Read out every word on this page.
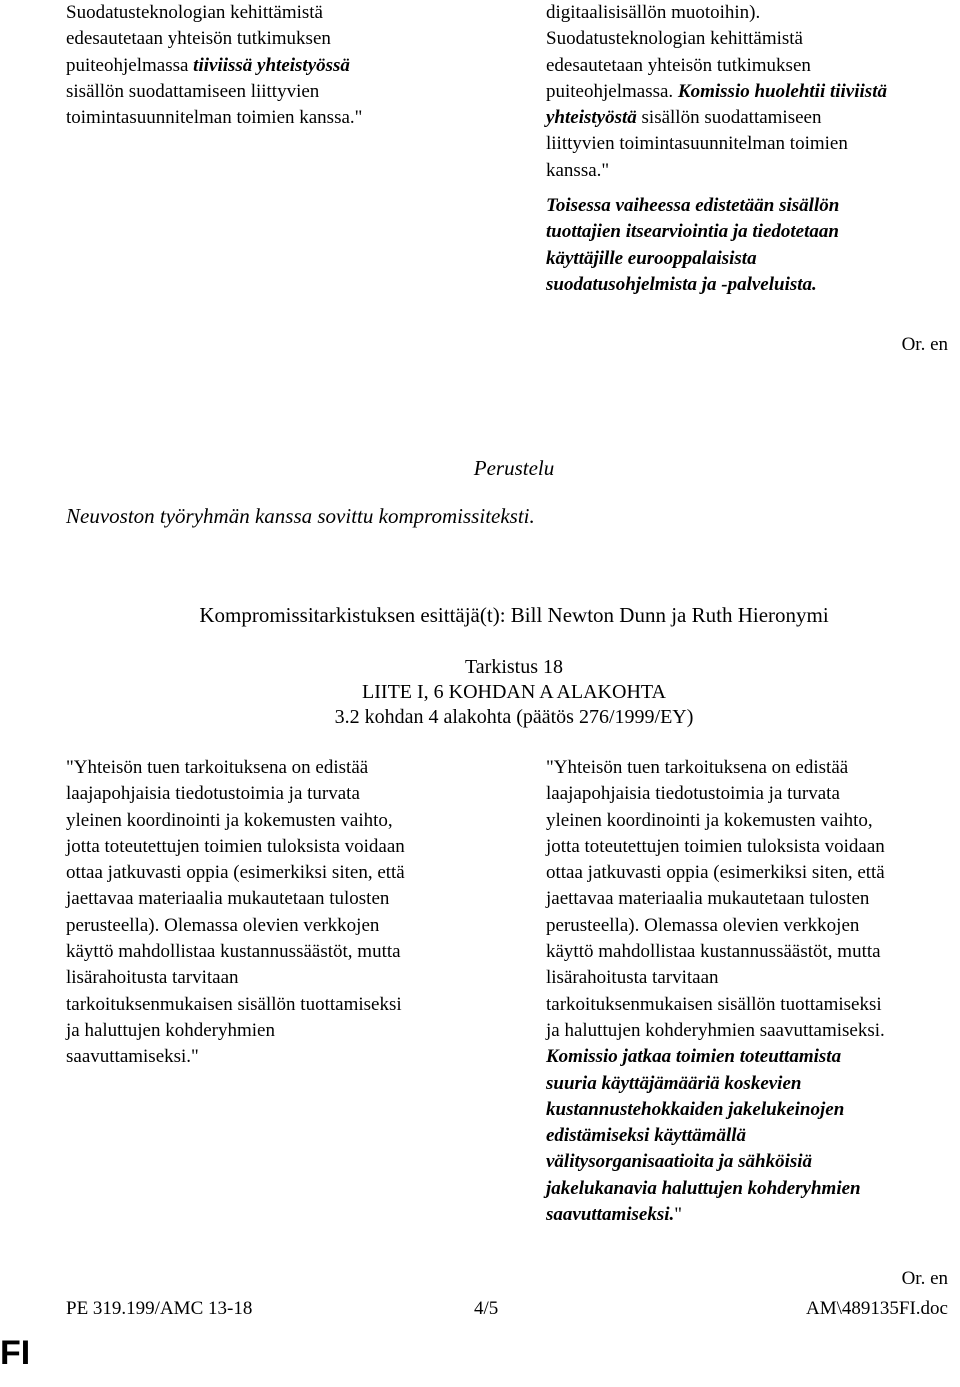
Suodatusteknologian kehittämistä
edesautetaan yhteisön tutkimuksen
puiteohjelmassa tiiviissä yhteistyössä
sisällön suodattamiseen liittyvien
toimintasuunnitelman toimien kanssa."
digitaalisisällön muotoihin).
Suodatusteknologian kehittämistä
edesautetaan yhteisön tutkimuksen
puiteohjelmassa. Komissio huolehtii tiiviistä
yhteistyöstä sisällön suodattamiseen
liittyvien toimintasuunnitelman toimien
kanssa."
Toisessa vaiheessa edistetään sisällön
tuottajien itsearviointia ja tiedotetaan
käyttäjille eurooppalaisista
suodatusohjelmista ja -palveluista.
Or. en
Perustelu
Neuvoston työryhmän kanssa sovittu kompromissiteksti.
Kompromissitarkistuksen esittäjä(t): Bill Newton Dunn ja Ruth Hieronymi
Tarkistus 18
LIITE I, 6 KOHDAN A ALAKOHTA
3.2 kohdan 4 alakohta (päätös 276/1999/EY)
"Yhteisön tuen tarkoituksena on edistää
laajapohjaisia tiedotustoimia ja turvata
yleinen koordinointi ja kokemusten vaihto,
jotta toteutettujen toimien tuloksista voidaan
ottaa jatkuvasti oppia (esimerkiksi siten, että
jaettavaa materiaalia mukautetaan tulosten
perusteella). Olemassa olevien verkkojen
käyttö mahdollistaa kustannussäästöt, mutta
lisärahoitusta tarvitaan
tarkoituksenmukaisen sisällön tuottamiseksi
ja haluttujen kohderyhmien
saavuttamiseksi."
"Yhteisön tuen tarkoituksena on edistää
laajapohjaisia tiedotustoimia ja turvata
yleinen koordinointi ja kokemusten vaihto,
jotta toteutettujen toimien tuloksista voidaan
ottaa jatkuvasti oppia (esimerkiksi siten, että
jaettavaa materiaalia mukautetaan tulosten
perusteella). Olemassa olevien verkkojen
käyttö mahdollistaa kustannussäästöt, mutta
lisärahoitusta tarvitaan
tarkoituksenmukaisen sisällön tuottamiseksi
ja haluttujen kohderyhmien saavuttamiseksi.
Komissio jatkaa toimien toteuttamista
suuria käyttäjämääriä koskevien
kustannustehokkaiden jakelukeinojen
edistämiseksi käyttämällä
välitysorganisaatioita ja sähköisiä
jakelukanavia haluttujen kohderyhmien
saavuttamiseksi."
Or. en
PE 319.199/AMC 13-18	4/5	AM\489135FI.doc
FI
